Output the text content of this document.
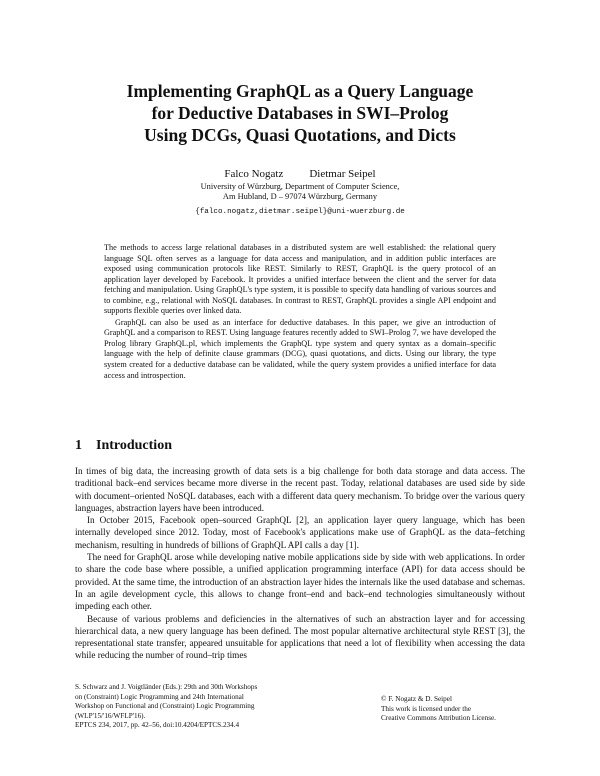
Implementing GraphQL as a Query Language
for Deductive Databases in SWI–Prolog
Using DCGs, Quasi Quotations, and Dicts
Falco Nogatz Dietmar Seipel
University of Würzburg, Department of Computer Science,
Am Hubland, D – 97074 Würzburg, Germany
{falco.nogatz,dietmar.seipel}@uni-wuerzburg.de

The methods to access large relational databases in a distributed system are well established: the relational query language SQL often serves as a language for data access and manipulation, and in addition public interfaces are exposed using communication protocols like REST. Similarly to REST, GraphQL is the query protocol of an application layer developed by Facebook. It provides a unified interface between the client and the server for data fetching and manipulation. Using GraphQL's type system, it is possible to specify data handling of various sources and to combine, e.g., relational with NoSQL databases. In contrast to REST, GraphQL provides a single API endpoint and supports flexible queries over linked data.

GraphQL can also be used as an interface for deductive databases. In this paper, we give an introduction of GraphQL and a comparison to REST. Using language features recently added to SWI–Prolog 7, we have developed the Prolog library GraphQL.pl, which implements the GraphQL type system and query syntax as a domain–specific language with the help of definite clause grammars (DCG), quasi quotations, and dicts. Using our library, the type system created for a deductive database can be validated, while the query system provides a unified interface for data access and introspection.

1 Introduction

In times of big data, the increasing growth of data sets is a big challenge for both data storage and data access. The traditional back–end services became more diverse in the recent past. Today, relational databases are used side by side with document–oriented NoSQL databases, each with a different data query mechanism. To bridge over the various query languages, abstraction layers have been introduced.

In October 2015, Facebook open–sourced GraphQL [2], an application layer query language, which has been internally developed since 2012. Today, most of Facebook's applications make use of GraphQL as the data–fetching mechanism, resulting in hundreds of billions of GraphQL API calls a day [1].

The need for GraphQL arose while developing native mobile applications side by side with web applications. In order to share the code base where possible, a unified application programming interface (API) for data access should be provided. At the same time, the introduction of an abstraction layer hides the internals like the used database and schemas. In an agile development cycle, this allows to change front–end and back–end technologies simultaneously without impeding each other.

Because of various problems and deficiencies in the alternatives of such an abstraction layer and for accessing hierarchical data, a new query language has been defined. The most popular alternative architectural style REST [3], the representational state transfer, appeared unsuitable for applications that need a lot of flexibility when accessing the data while reducing the number of round–trip times

S. Schwarz and J. Voigtländer (Eds.): 29th and 30th Workshops
on (Constraint) Logic Programming and 24th International
Workshop on Functional and (Constraint) Logic Programming
(WLP'15/'16/WFLP'16).
EPTCS 234, 2017, pp. 42–56, doi:10.4204/EPTCS.234.4
© F. Nogatz & D. Seipel
This work is licensed under the
Creative Commons Attribution License.
